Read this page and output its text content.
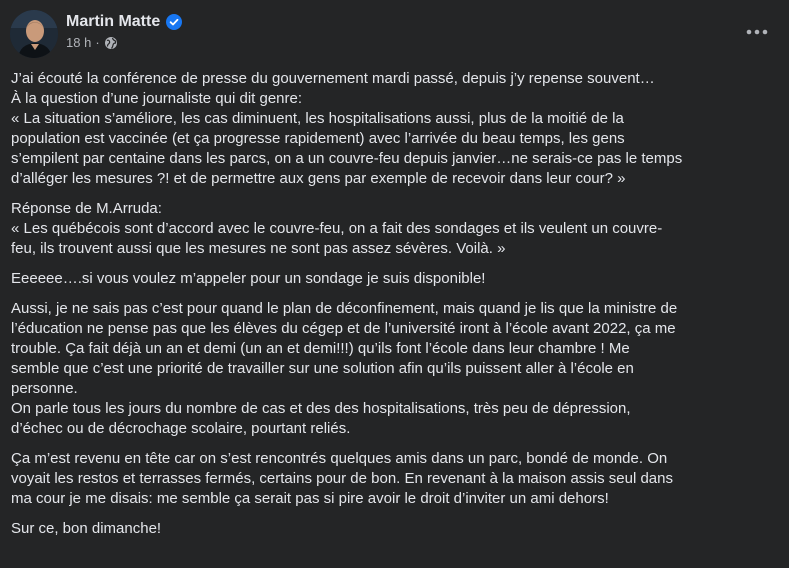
Martin Matte
18 h ·
J’ai écouté la conférence de presse du gouvernement mardi passé, depuis j’y repense souvent…
À la question d’une journaliste qui dit genre:
« La situation s’améliore, les cas diminuent, les hospitalisations aussi, plus de la moitié de la
population est vaccinée (et ça progresse rapidement) avec l’arrivée du beau temps, les gens
s’empilent par centaine dans les parcs, on a un couvre-feu depuis janvier…ne serais-ce pas le temps
d’alléger les mesures ?! et de permettre aux gens par exemple de recevoir dans leur cour? »
Réponse de M.Arruda:
« Les québécois sont d’accord avec le couvre-feu, on a fait des sondages et ils veulent un couvre-
feu, ils trouvent aussi que les mesures ne sont pas assez sévères. Voilà. »
Eeeeee….si vous voulez m’appeler pour un sondage je suis disponible!
Aussi, je ne sais pas c’est pour quand le plan de déconfinement, mais quand je lis que la ministre de
l’éducation ne pense pas que les élèves du cégep et de l’université iront à l’école avant 2022, ça me
trouble. Ça fait déjà un an et demi (un an et demi!!!) qu’ils font l’école dans leur chambre ! Me
semble que c’est une priorité de travailler sur une solution afin qu’ils puissent aller à l’école en
personne.
On parle tous les jours du nombre de cas et des des hospitalisations, très peu de dépression,
d’échec ou de décrochage scolaire, pourtant reliés.
Ça m’est revenu en tête car on s’est rencontrés quelques amis dans un parc, bondé de monde. On
voyait les restos et terrasses fermés, certains pour de bon. En revenant à la maison assis seul dans
ma cour je me disais: me semble ça serait pas si pire avoir le droit d’inviter un ami dehors!
Sur ce, bon dimanche!
